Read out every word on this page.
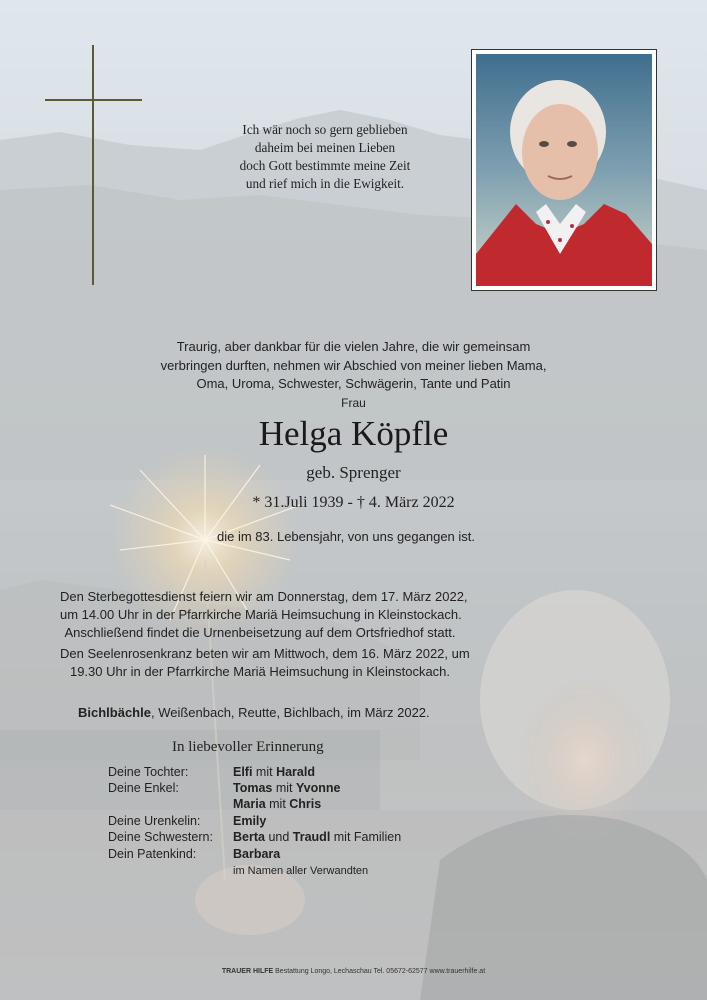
Ich wär noch so gern geblieben
daheim bei meinen Lieben
doch Gott bestimmte meine Zeit
und rief mich in die Ewigkeit.
Traurig, aber dankbar für die vielen Jahre, die wir gemeinsam
verbringen durften, nehmen wir Abschied von meiner lieben Mama,
Oma, Uroma, Schwester, Schwägerin, Tante und Patin
Frau
Helga Köpfle
geb. Sprenger
* 31.Juli 1939 - † 4. März 2022
die im 83. Lebensjahr, von uns gegangen ist.
Den Sterbegottesdienst feiern wir am Donnerstag, dem 17. März 2022,
um 14.00 Uhr in der Pfarrkirche Mariä Heimsuchung in Kleinstockach.
Anschließend findet die Urnenbeisetzung auf dem Ortsfriedhof statt.
Den Seelenrosenkranz beten wir am Mittwoch, dem 16. März 2022, um
19.30 Uhr in der Pfarrkirche Mariä Heimsuchung in Kleinstockach.
Bichlbächle, Weißenbach, Reutte, Bichlbach, im März 2022.
In liebevoller Erinnerung
Deine Tochter:	Elfi mit Harald
Deine Enkel:	Tomas mit Yvonne
Maria mit Chris
Deine Urenkelin:	Emily
Deine Schwestern: Berta und Traudl mit Familien
Dein Patenkind:	Barbara
im Namen aller Verwandten
TRAUER HILFE Bestattung Longo, Lechaschau Tel. 05672-62577 www.trauerhilfe.at
